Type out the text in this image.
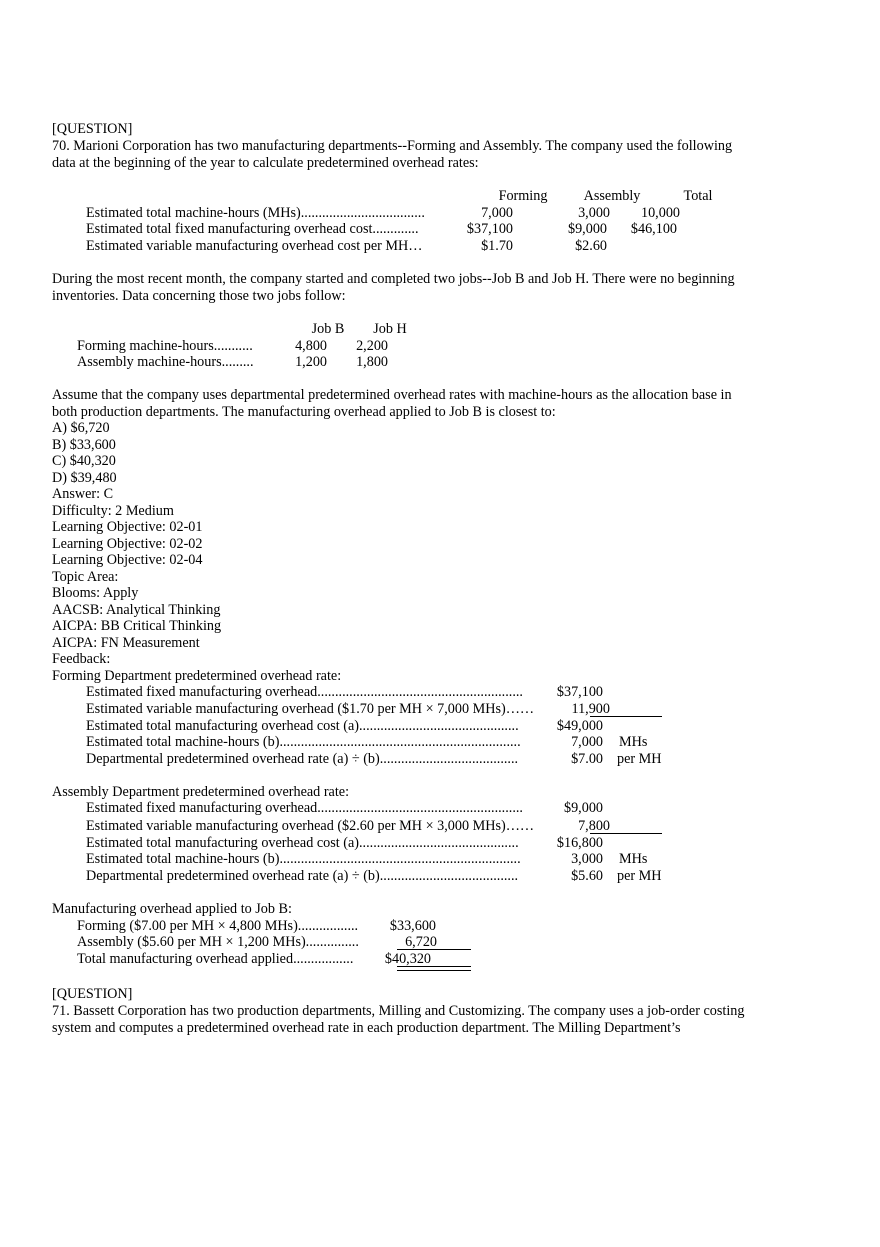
[QUESTION]
70. Marioni Corporation has two manufacturing departments--Forming and Assembly. The company used the following
data at the beginning of the year to calculate predetermined overhead rates:
Forming	Assembly	Total
Estimated total machine-hours (MHs)...................................	7,000	3,000	10,000
Estimated total fixed manufacturing overhead cost.............	$37,100	$9,000	$46,100
Estimated variable manufacturing overhead cost per MH…	$1.70	$2.60
During the most recent month, the company started and completed two jobs--Job B and Job H. There were no beginning
inventories. Data concerning those two jobs follow:
Job B	Job H
Forming machine-hours...........	4,800	2,200
Assembly machine-hours.........	1,200	1,800
Assume that the company uses departmental predetermined overhead rates with machine-hours as the allocation base in
both production departments. The manufacturing overhead applied to Job B is closest to:
A) $6,720
B) $33,600
C) $40,320
D) $39,480
Answer: C
Difficulty: 2 Medium
Learning Objective: 02-01
Learning Objective: 02-02
Learning Objective: 02-04
Topic Area:
Blooms: Apply
AACSB: Analytical Thinking
AICPA: BB Critical Thinking
AICPA: FN Measurement
Feedback:
Forming Department predetermined overhead rate:
Estimated fixed manufacturing overhead..........................................................	$37,100
Estimated variable manufacturing overhead ($1.70 per MH × 7,000 MHs)……	11,900
Estimated total manufacturing overhead cost (a).............................................	$49,000
Estimated total machine-hours (b)....................................................................	7,000 MHs
Departmental predetermined overhead rate (a) ÷ (b).......................................	$7.00 per MH
Assembly Department predetermined overhead rate:
Estimated fixed manufacturing overhead..........................................................	$9,000
Estimated variable manufacturing overhead ($2.60 per MH × 3,000 MHs)……	7,800
Estimated total manufacturing overhead cost (a).............................................	$16,800
Estimated total machine-hours (b)....................................................................	3,000 MHs
Departmental predetermined overhead rate (a) ÷ (b).......................................	$5.60 per MH
Manufacturing overhead applied to Job B:
Forming ($7.00 per MH × 4,800 MHs).................	$33,600
Assembly ($5.60 per MH × 1,200 MHs)...............	6,720
Total manufacturing overhead applied.................	$40,320
[QUESTION]
71. Bassett Corporation has two production departments, Milling and Customizing. The company uses a job-order costing
system and computes a predetermined overhead rate in each production department. The Milling Department’s
